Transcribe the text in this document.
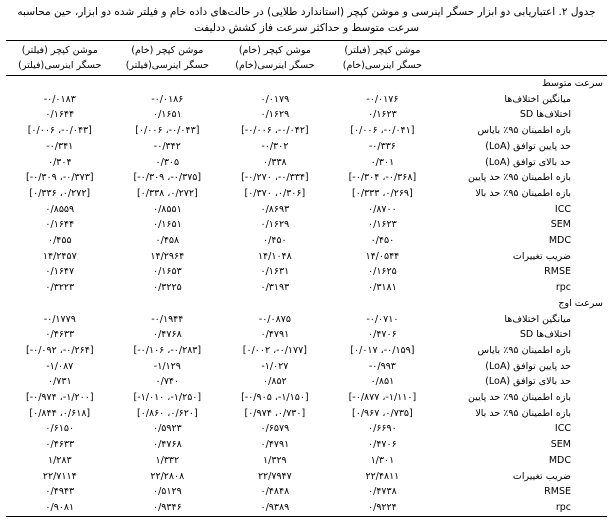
جدول ۲. اعتباریابی دو ابزار حسگر اینرسی و موشن کپچر (استاندارد طلایی) در حالت‌های داده خام و فیلتر شده دو ابزار، حین محاسبه سرعت متوسط و حداکثر سرعت فاز کشش ددلیفت

موشن کپچر (فیلتر)
حسگر اینرسی(خام)

موشن کپچر (خام)
حسگر اینرسی(خام)

موشن کپچر (خام)
حسگر اینرسی(فیلتر)

موشن کپچر (فیلتر)
حسگر اینرسی(فیلتر)

سرعت متوسط				
میانگین اختلاف‌ها	-۰/۰۱۷۶	۰/۰۱۷۹	-۰/۰۱۸۶	-۰/۰۱۸۳
اختلاف‌ها SD	۰/۱۶۲۳	۰/۱۶۲۹	۰/۱۶۵۱	۰/۱۶۴۴
بازه اطمینان ۹۵٪ بایاس	[۰/۰۰۶ ،-۰/۰۴۱]	[-۰/۰۰۶ ،-۰/۰۴۲]	[۰/۰۰۶ ،-۰/۰۴۳]	[۰/۰۰۶ ،-۰/۰۴۳]
حد پایین توافق (LoA)	-۰/۳۳۶	-۰/۳۰۲	-۰/۳۴۲	-۰/۳۴۱
حد بالای توافق (LoA)	۰/۳۰۱	۰/۳۳۸	۰/۳۰۵	۰/۳۰۴
بازه اطمینان ۹۵٪ حد پایین	[-۰/۳۰۴ ،-۰/۳۶۸]	[-۰/۲۷۰ ،-۰/۳۳۴]	[-۰/۳۰۹ ،-۰/۳۷۵]	[-۰/۳۰۹ ،-۰/۳۷۳]
بازه اطمینان ۹۵٪ حد بالا	[۰/۳۳۳ ،۰/۲۶۹]	[۰/۳۷۰ ،۰/۳۰۶]	[۰/۳۳۸ ،۰/۲۷۲]	[۰/۳۳۶ ،۰/۲۷۲]
ICC	۰/۸۷۰۰	۰/۸۶۹۳	۰/۸۵۵۱	۰/۸۵۵۹
SEM	۰/۱۶۲۳	۰/۱۶۲۹	۰/۱۶۵۱	۰/۱۶۴۴
MDC	۰/۴۵۰	۰/۴۵۰	۰/۴۵۸	۰/۴۵۵
ضریب تغییرات	۱۴/۰۵۴۴	۱۴/۱۰۴۸	۱۴/۲۹۶۴	۱۴/۲۴۵۷
RMSE	۰/۱۶۲۵	۰/۱۶۳۱	۰/۱۶۵۳	۰/۱۶۴۷
rpc	۰/۳۱۸۱	۰/۳۱۹۳	۰/۳۲۲۵	۰/۳۲۲۳
سرعت اوج				
میانگین اختلاف‌ها	-۰/۰۷۱۰	-۰/۰۸۷۵	-۰/۱۹۴۴	-۰/۱۷۷۹
اختلاف‌ها SD	۰/۴۷۰۶	۰/۴۷۹۱	۰/۴۷۶۸	۰/۴۶۳۳
بازه اطمینان ۹۵٪ بایاس	[۰/۰۱۷ ،-۰/۱۵۹]	[۰/۰۰۲ ،-۰/۱۷۷]	[-۰/۱۰۶ ،-۰/۲۸۳]	[-۰/۰۹۲ ،-۰/۲۶۴]
حد پایین توافق (LoA)	-۰/۹۹۳	-۱/۰۲۷	-۱/۱۲۹	-۱/۰۸۷
حد بالای توافق (LoA)	۰/۸۵۱	۰/۸۵۲	۰/۷۴۰	۰/۷۳۱
بازه اطمینان ۹۵٪ حد پایین	[-۰/۸۷۷ ،-۱/۱۱۰]	[-۰/۹۰۵ ،-۱/۱۵۰]	[-۱/۰۱۰ ،-۱/۲۵۰]	[-۰/۹۷۴ ،-۱/۲۰۰]
بازه اطمینان ۹۵٪ حد بالا	[۰/۹۶۷ ،۰/۷۳۵]	[۰/۹۷۴ ،۰/۷۳۰]	[۰/۸۶۰ ،۰/۶۲۰]	[۰/۸۴۴ ،۰/۶۱۸]
ICC	۰/۶۶۹۰	۰/۶۵۷۹	۰/۵۹۲۳	۰/۶۱۵۰
SEM	۰/۴۷۰۶	۰/۴۷۹۱	۰/۴۷۶۸	۰/۴۶۳۳
MDC	۱/۳۰۱	۱/۳۲۹	۱/۳۳۲	۱/۲۸۳
ضریب تغییرات	۲۲/۴۸۱۱	۲۲/۷۹۴۷	۲۲/۲۸۰۸	۲۲/۷۱۱۴
RMSE	۰/۴۷۳۸	۰/۴۸۴۸	۰/۵۱۲۹	۰/۴۹۴۳
rpc	۰/۹۲۲۴	۰/۹۳۸۹	۰/۹۳۴۶	۰/۹۰۸۱
